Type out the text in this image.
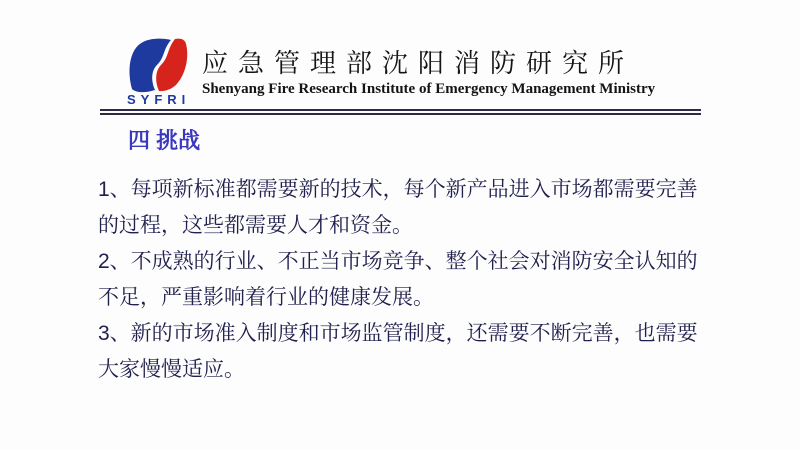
SYFRI
应急管理部沈阳消防研究所
Shenyang Fire Research Institute of Emergency Management Ministry
四 挑战
1、每项新标准都需要新的技术，每个新产品进入市场都需要完善
的过程，这些都需要人才和资金。
2、不成熟的行业、不正当市场竞争、整个社会对消防安全认知的
不足，严重影响着行业的健康发展。
3、新的市场准入制度和市场监管制度，还需要不断完善，也需要
大家慢慢适应。
